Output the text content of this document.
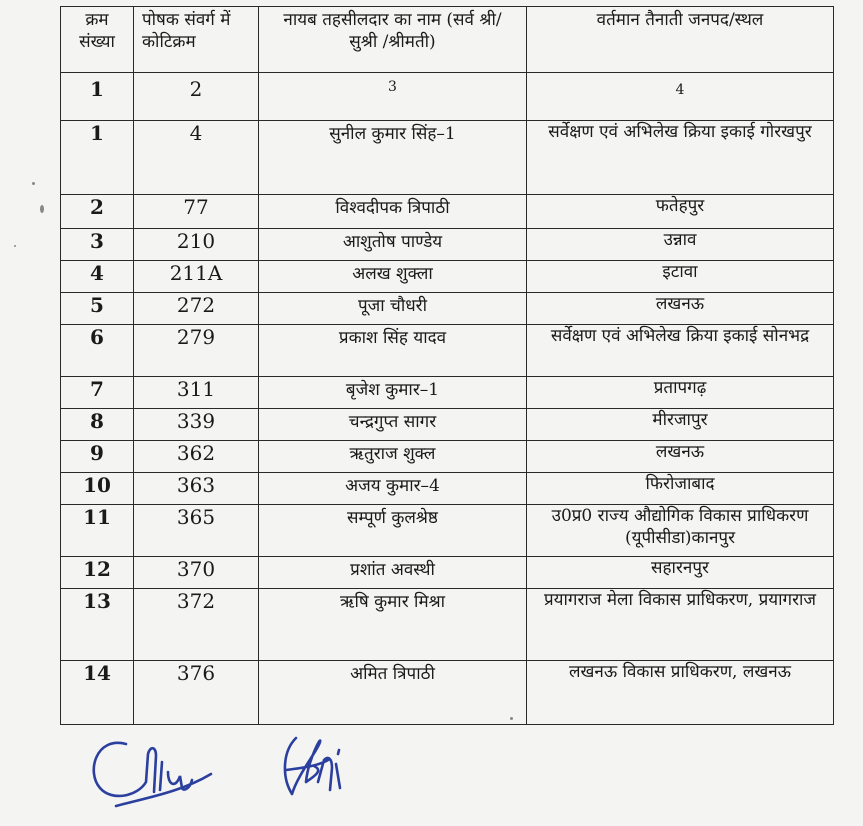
क्रम संख्या	पोषक संवर्ग में कोटिक्रम	नायब तहसीलदार का नाम (सर्व श्री/सुश्री /श्रीमती)	वर्तमान तैनाती जनपद/स्थल
1	2	3	4
1	4	सुनील कुमार सिंह–1	सर्वेक्षण एवं अभिलेख क्रिया इकाई गोरखपुर
2	77	विश्वदीपक त्रिपाठी	फतेहपुर
3	210	आशुतोष पाण्डेय	उन्नाव
4	211A	अलख शुक्ला	इटावा
5	272	पूजा चौधरी	लखनऊ
6	279	प्रकाश सिंह यादव	सर्वेक्षण एवं अभिलेख क्रिया इकाई सोनभद्र
7	311	बृजेश कुमार–1	प्रतापगढ़
8	339	चन्द्रगुप्त सागर	मीरजापुर
9	362	ऋतुराज शुक्ल	लखनऊ
10	363	अजय कुमार–4	फिरोजाबाद
11	365	सम्पूर्ण कुलश्रेष्ठ	उ0प्र0 राज्य औद्योगिक विकास प्राधिकरण (यूपीसीडा)कानपुर
12	370	प्रशांत अवस्थी	सहारनपुर
13	372	ऋषि कुमार मिश्रा	प्रयागराज मेला विकास प्राधिकरण, प्रयागराज
14	376	अमित त्रिपाठी	लखनऊ विकास प्राधिकरण, लखनऊ
